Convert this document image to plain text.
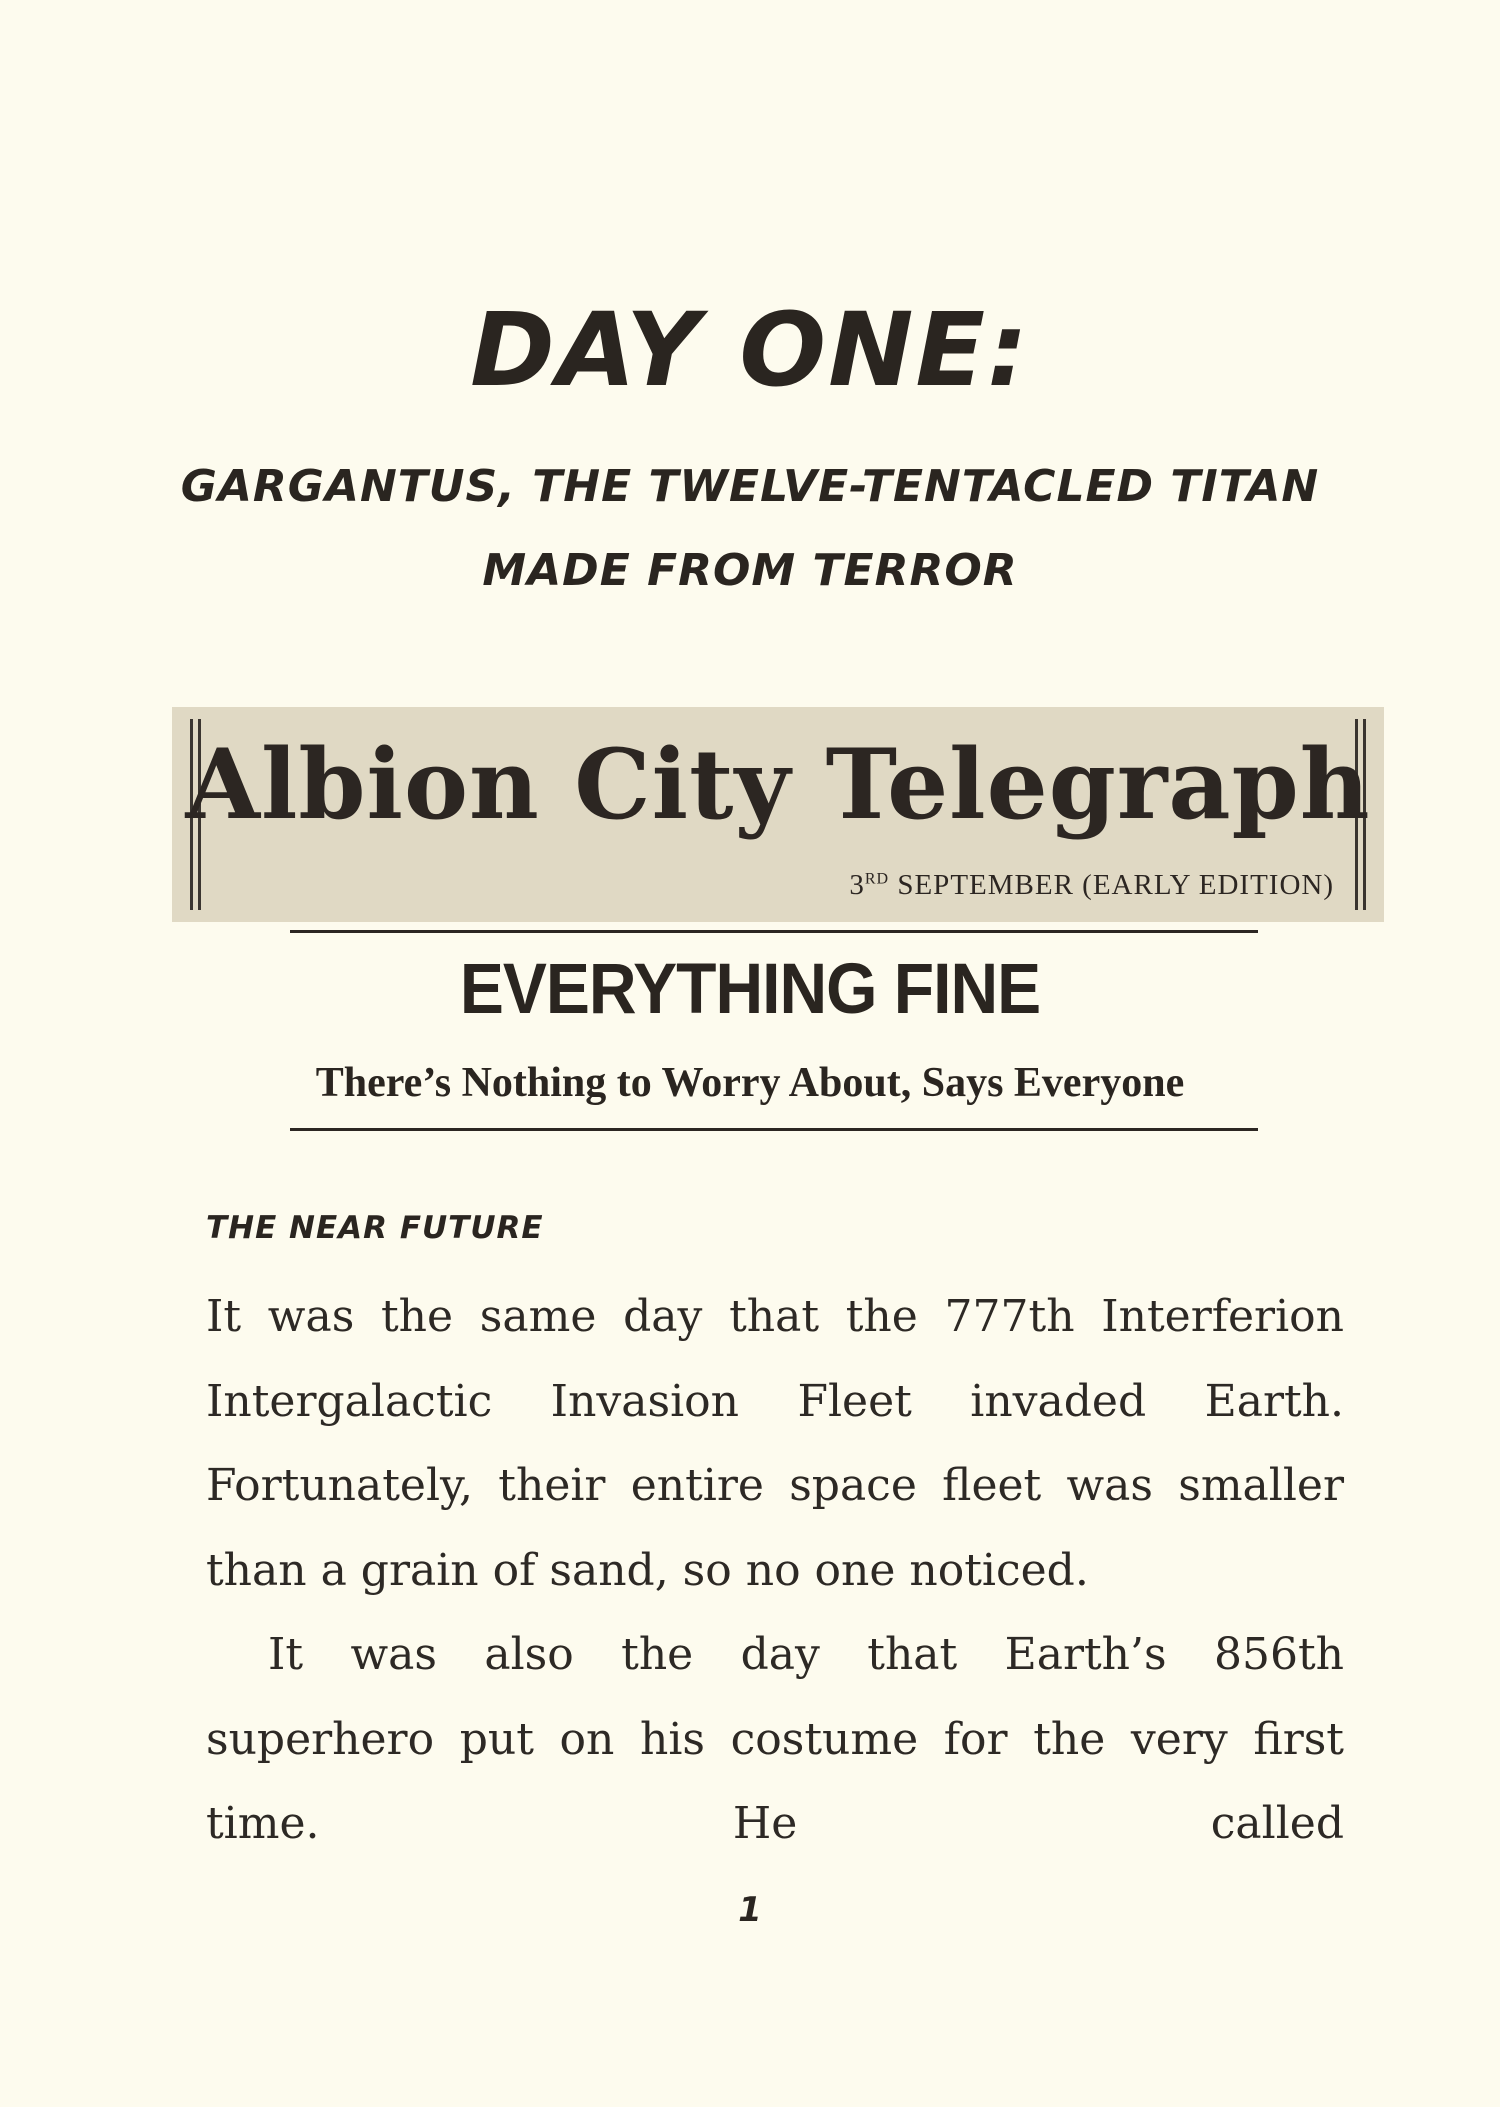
DAY ONE:
GARGANTUS, THE TWELVE-TENTACLED TITAN
MADE FROM TERROR
Albion City Telegraph
3RD SEPTEMBER (EARLY EDITION)
EVERYTHING FINE
There’s Nothing to Worry About, Says Everyone
THE NEAR FUTURE

It was the same day that the 777th Interferion Intergalactic Invasion Fleet invaded Earth. Fortunately, their entire space fleet was smaller than a grain of sand, so no one noticed.

It was also the day that Earth’s 856th superhero put on his costume for the very first time. He called

1
